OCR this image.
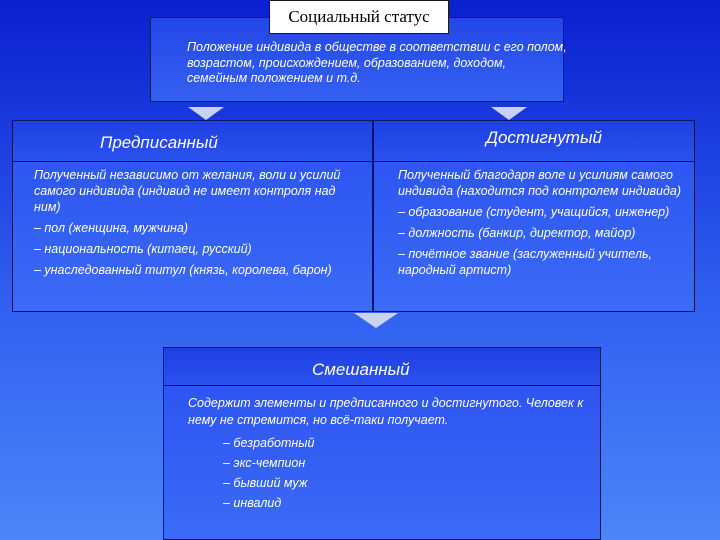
Социальный статус

Положение индивида в обществе в соответствии с его полом, возрастом, происхождением, образованием, доходом, семейным положением и т.д.

Предписанный

Полученный независимо от желания, воли и усилий самого индивида (индивид не имеет контроля над ним)
– пол (женщина, мужчина)
– национальность (китаец, русский)
– унаследованный титул (князь, королева, барон)

Достигнутый

Полученный благодаря воле и усилиям самого индивида (находится под контролем индивида)
– образование (студент, учащийся, инженер)
– должность (банкир, директор, майор)
– почётное звание (заслуженный учитель, народный артист)

Смешанный

Содержит элементы и предписанного и достигнутого. Человек к нему не стремится, но всё-таки получает.
– безработный
– экс-чемпион
– бывший муж
– инвалид
